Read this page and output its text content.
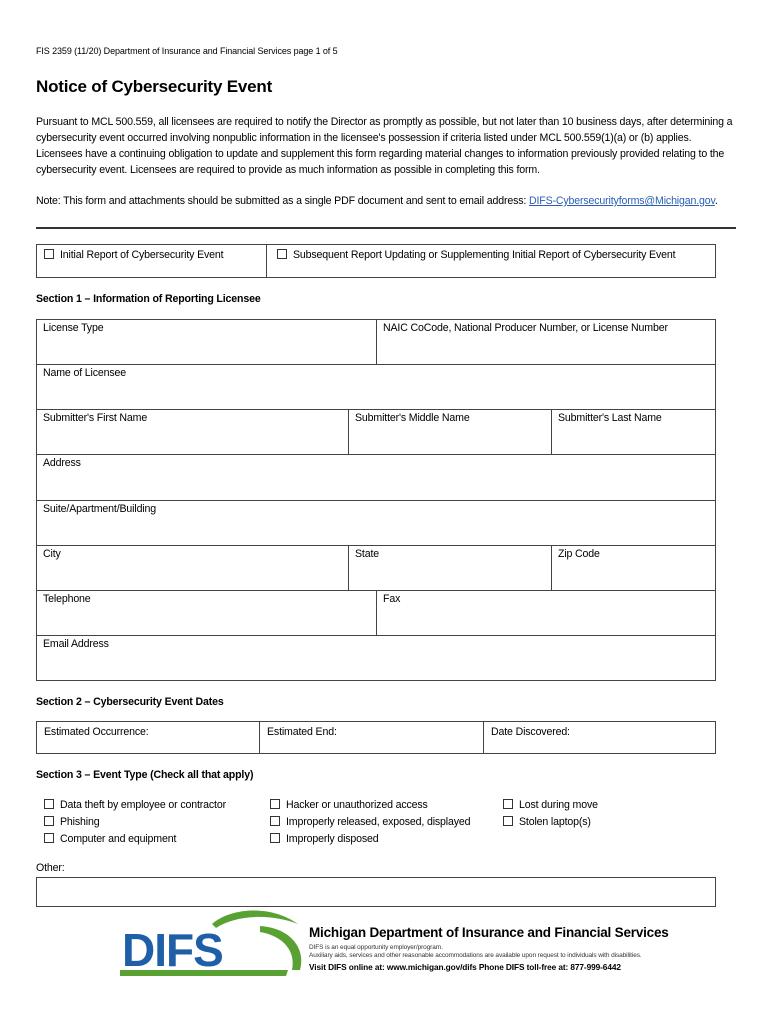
FIS 2359 (11/20) Department of Insurance and Financial Services page 1 of 5
Notice of Cybersecurity Event
Pursuant to MCL 500.559, all licensees are required to notify the Director as promptly as possible, but not later than 10 business days, after determining a cybersecurity event occurred involving nonpublic information in the licensee's possession if criteria listed under MCL 500.559(1)(a) or (b) applies. Licensees have a continuing obligation to update and supplement this form regarding material changes to information previously provided relating to the cybersecurity event. Licensees are required to provide as much information as possible in completing this form.
Note: This form and attachments should be submitted as a single PDF document and sent to email address: DIFS-Cybersecurityforms@Michigan.gov.
Initial Report of Cybersecurity Event	Subsequent Report Updating or Supplementing Initial Report of Cybersecurity Event
Section 1 – Information of Reporting Licensee
License Type	NAIC CoCode, National Producer Number, or License Number
Name of Licensee
Submitter's First Name	Submitter's Middle Name	Submitter's Last Name
Address
Suite/Apartment/Building
City	State	Zip Code
Telephone	Fax
Email Address
Section 2 – Cybersecurity Event Dates
Estimated Occurrence:	Estimated End:	Date Discovered:
Section 3 – Event Type (Check all that apply)
Data theft by employee or contractor
Phishing
Computer and equipment
Hacker or unauthorized access
Improperly released, exposed, displayed
Improperly disposed
Lost during move
Stolen laptop(s)
Other:
DIFS	Michigan Department of Insurance and Financial Services
DIFS is an equal opportunity employer/program.
Auxiliary aids, services and other reasonable accommodations are available upon request to individuals with disabilities.
Visit DIFS online at: www.michigan.gov/difs Phone DIFS toll-free at: 877-999-6442
